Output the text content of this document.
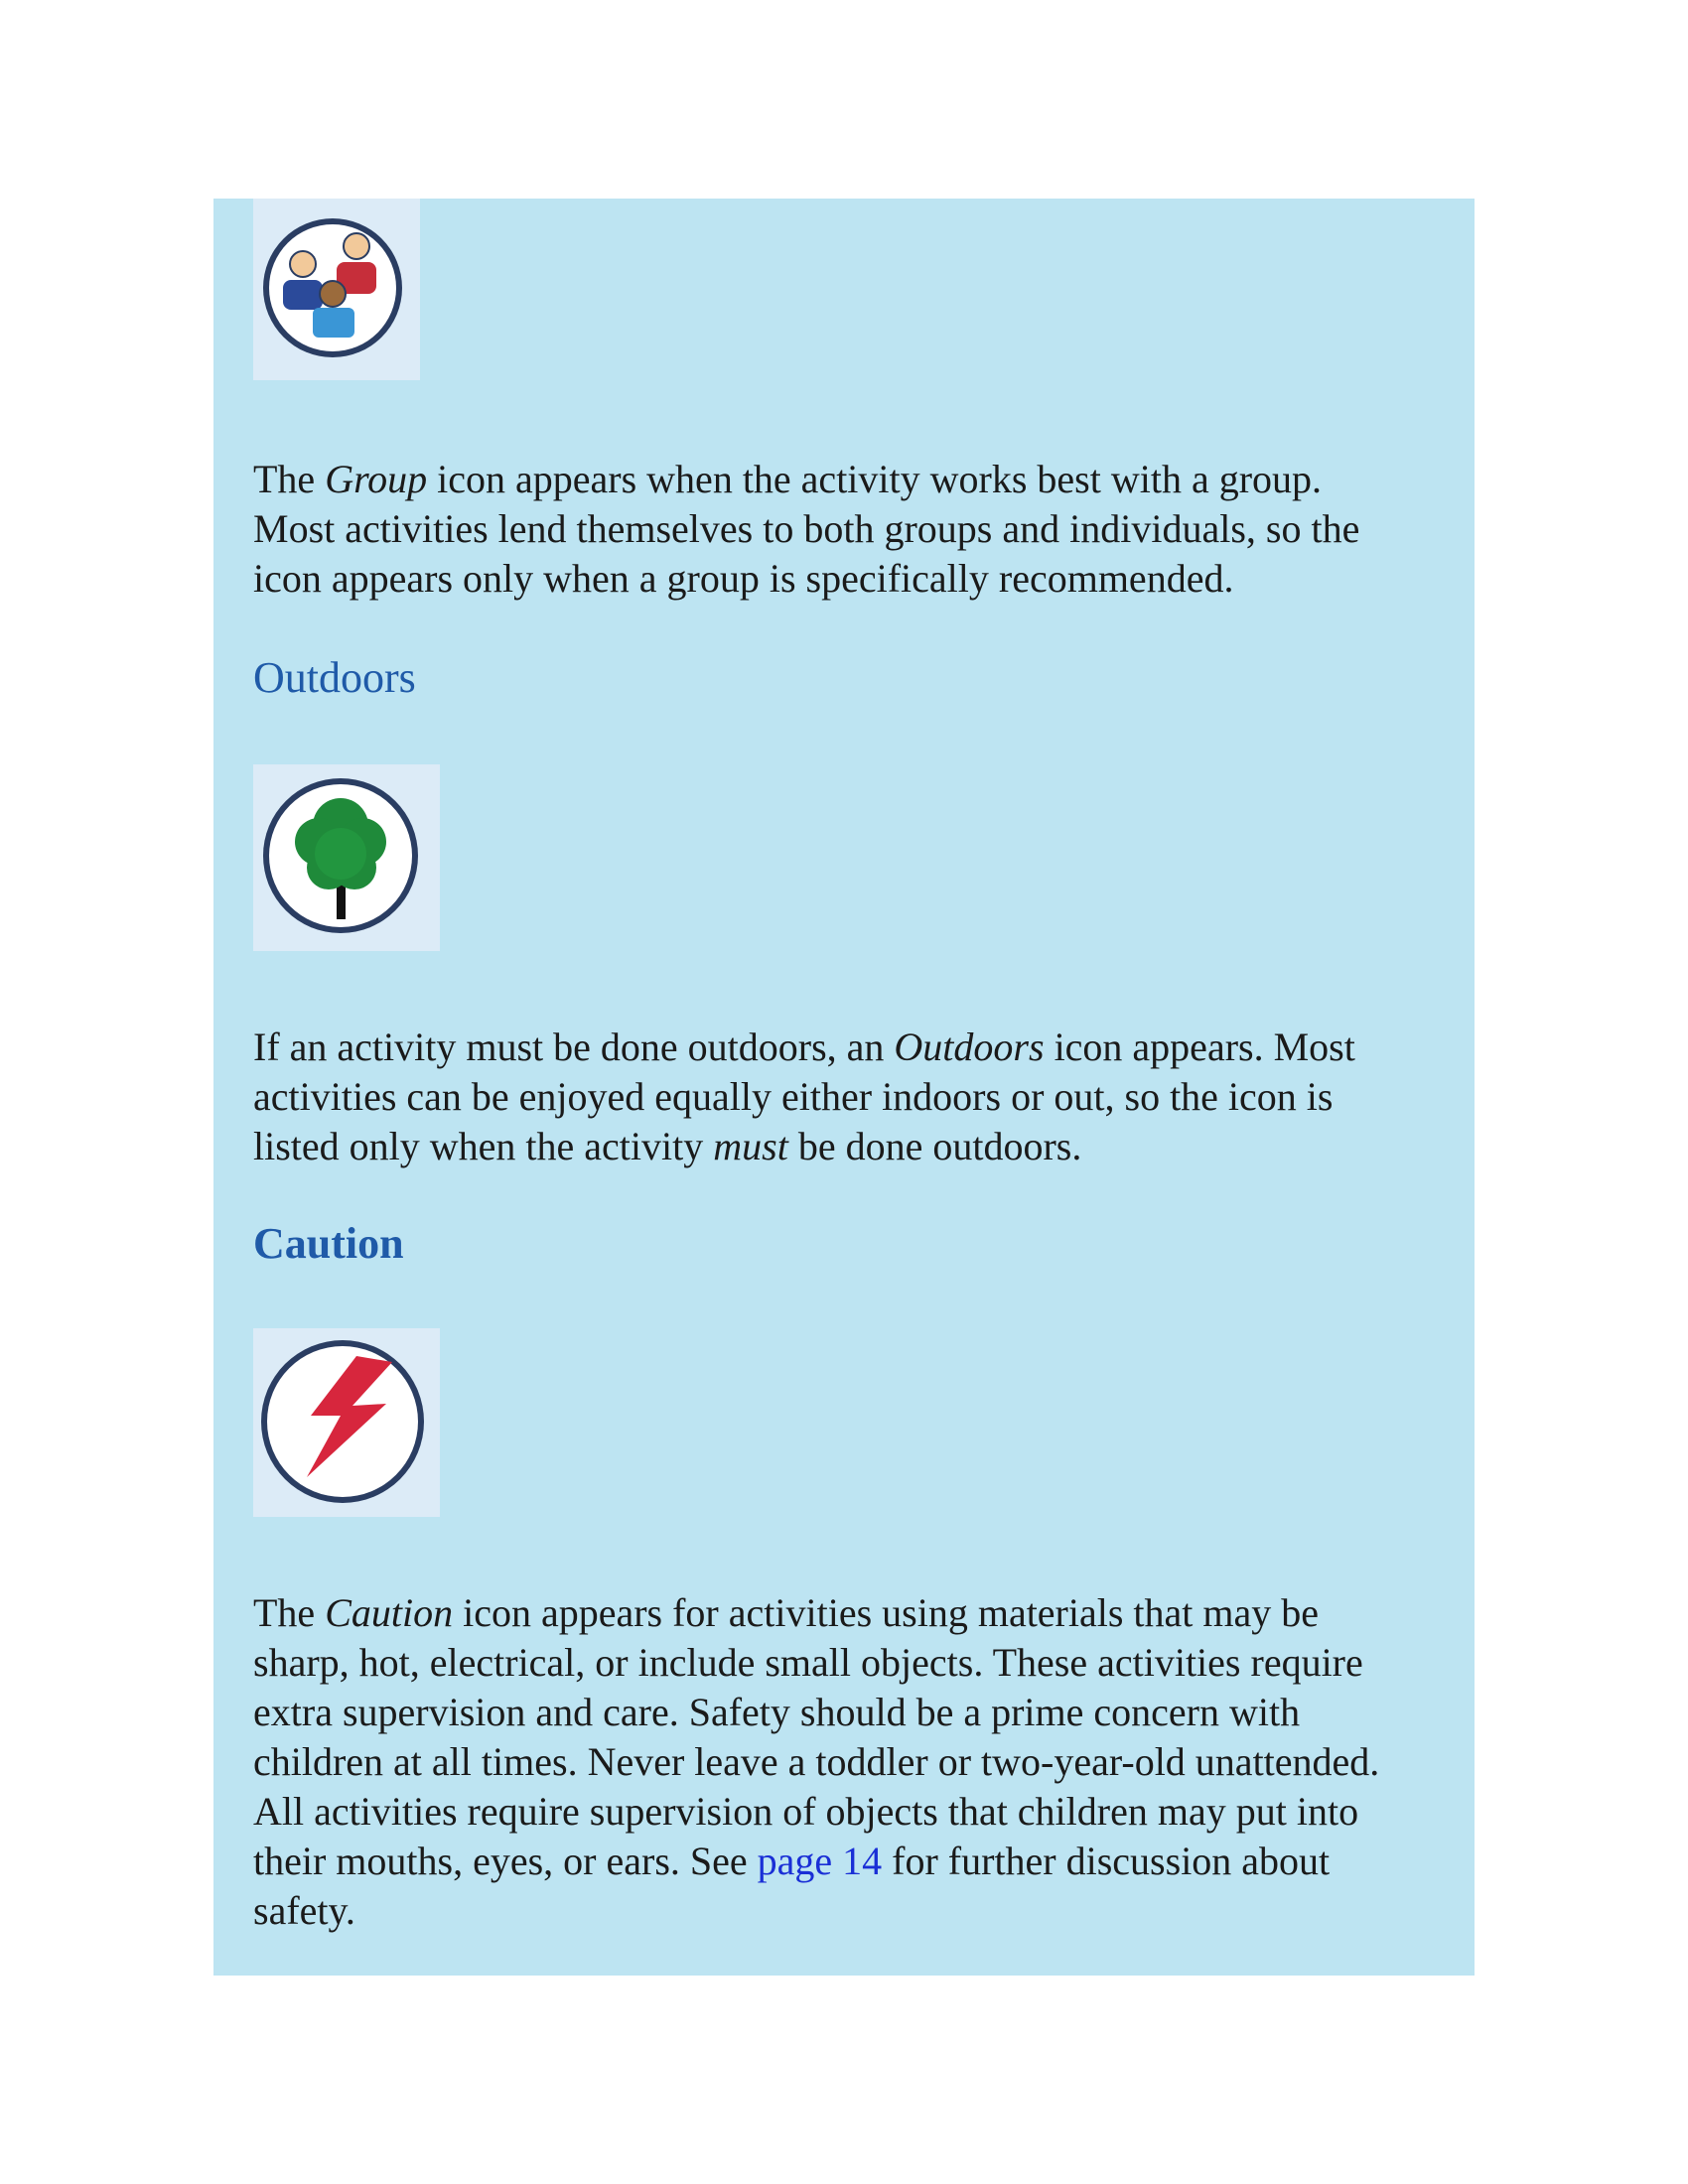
The Group icon appears when the activity works best with a group.

Most activities lend themselves to both groups and individuals, so the

icon appears only when a group is specifically recommended.

Outdoors

If an activity must be done outdoors, an Outdoors icon appears. Most

activities can be enjoyed equally either indoors or out, so the icon is

listed only when the activity must be done outdoors.

Caution

The Caution icon appears for activities using materials that may be

sharp, hot, electrical, or include small objects. These activities require

extra supervision and care. Safety should be a prime concern with

children at all times. Never leave a toddler or two-year-old unattended.

All activities require supervision of objects that children may put into

their mouths, eyes, or ears. See page 14 for further discussion about

safety.
